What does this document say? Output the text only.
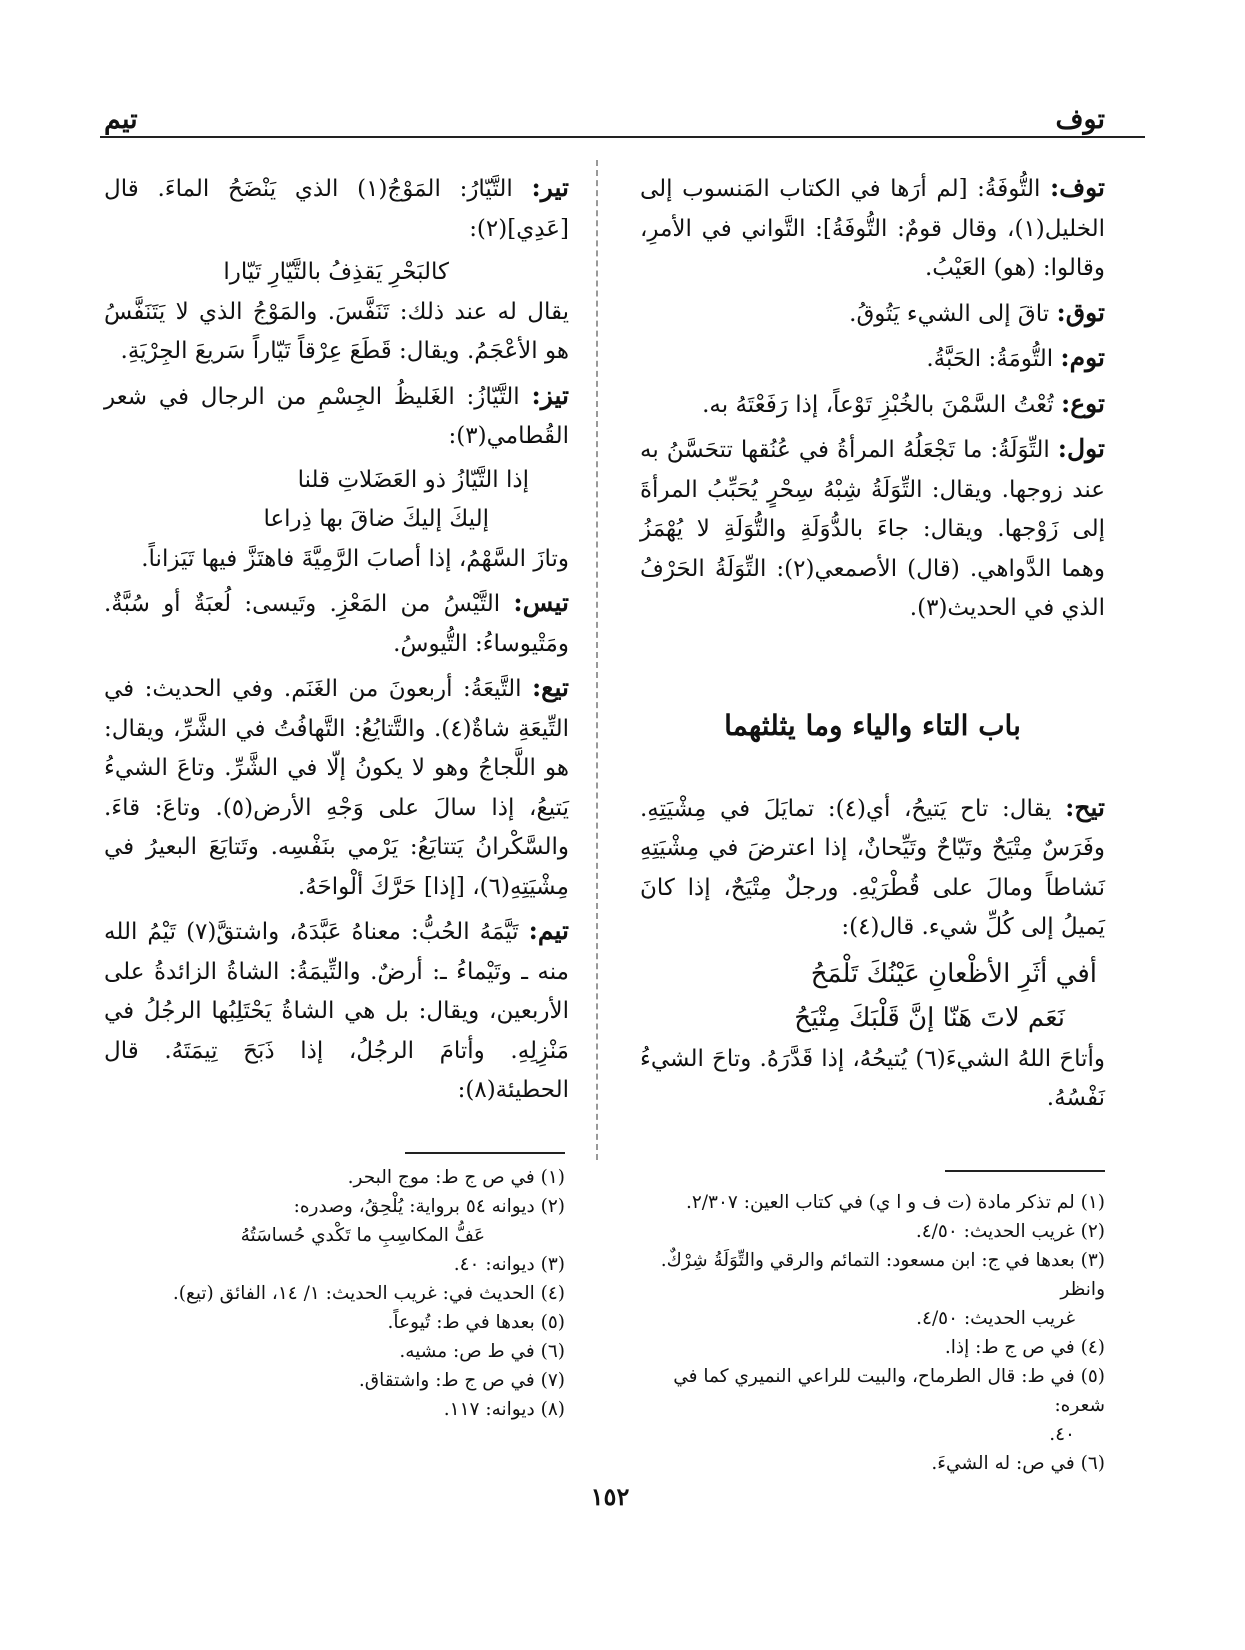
توف
تيم

توف: التُّوفَةُ: [لم أرَها في الكتاب المَنسوب إلى الخليل(١)، وقال قومٌ: التُّوفَةُ]: التَّواني في الأمرِ، وقالوا: (هو) العَيْبُ.

توق: تاقَ إلى الشيء يَتُوقُ.

توم: التُّومَةُ: الحَبَّةُ.

توع: تُعْتُ السَّمْنَ بالخُبْزِ تَوْعاً، إذا رَفَعْتَهُ به.

تول: التِّوَلَةُ: ما تَجْعَلُهُ المرأةُ في عُنُقها تتحَسَّنُ به عند زوجها. ويقال: التِّوَلَةُ شِبْهُ سِحْرٍ يُحَبِّبُ المرأةَ إلى زَوْجها. ويقال: جاءَ بالدُّوَلَةِ والتُّوَلَةِ لا يُهْمَزُ وهما الدَّواهي. (قال) الأصمعي(٢): التِّوَلَةُ الحَرْفُ الذي في الحديث(٣).

باب التاء والياء وما يثلثهما

تيح: يقال: تاح يَتيحُ، أي(٤): تمايَلَ في مِشْيَتِهِ. وفَرَسٌ مِتْيَحٌ وتَيّاحٌ وتَيِّحانٌ، إذا اعترضَ في مِشْيَتِهِ نَشاطاً ومالَ على قُطْرَيْهِ. ورجلٌ مِتْيَحٌ، إذا كانَ يَميلُ إلى كُلِّ شيء. قال(٤):

أفي أثَرِ الأظْعانِ عَيْنُكَ تَلْمَحُ
نَعَم لاتَ هَنّا إنَّ قَلْبَكَ مِتْيَحُ

وأتاحَ اللهُ الشيءَ(٦) يُتيحُهُ، إذا قَدَّرَهُ. وتاحَ الشيءُ نَفْسُهُ.

تير: التَّيّارُ: المَوْجُ(١) الذي يَنْضَحُ الماءَ. قال [عَدِي](٢):

كالبَحْرِ يَقذِفُ بالتَّيّارِ تَيّارا

يقال له عند ذلك: تَنَفَّسَ. والمَوْجُ الذي لا يَتَنَفَّسُ هو الأعْجَمُ. ويقال: قَطَعَ عِرْقاً تَيّاراً سَريعَ الجِرْيَةِ.

تيز: التَّيّازُ: الغَليظُ الجِسْمِ من الرجال في شعر القُطامي(٣):

إذا التَّيّازُ ذو العَضَلاتِ قلنا
إليكَ إليكَ ضاقَ بها ذِراعا

وتازَ السَّهْمُ، إذا أصابَ الرَّمِيَّةَ فاهتَزَّ فيها تَيَزاناً.

تيس: التَّيْسُ من المَعْزِ. وتَيسى: لُعبَةٌ أو سُبَّةٌ. ومَتْيوساءُ: التُّيوسُ.

تيع: التَّيعَةُ: أربعونَ من الغَنَم. وفي الحديث: في التِّيعَةِ شاةٌ(٤). والتَّتايُعُ: التَّهافُتُ في الشَّرِّ، ويقال: هو اللَّجاجُ وهو لا يكونُ إلّا في الشَّرِّ. وتاعَ الشيءُ يَتيعُ، إذا سالَ على وَجْهِ الأرض(٥). وتاعَ: قاءَ. والسَّكْرانُ يَتتايَعُ: يَرْمي بنَفْسِه. وتَتايَعَ البعيرُ في مِشْيَتِهِ(٦)، [إذا] حَرَّكَ ألْواحَهُ.

تيم: تَيَّمَهُ الحُبُّ: معناهُ عَبَّدَهُ، واشتقَّ(٧) تَيْمُ الله منه ـ وتَيْماءُ ـ: أرضٌ. والتِّيمَةُ: الشاةُ الزائدةُ على الأربعين، ويقال: بل هي الشاةُ يَحْتَلِبُها الرجُلُ في مَنْزِلِهِ. وأتامَ الرجُلُ، إذا ذَبَحَ تِيمَتَهُ. قال الحطيئة(٨):

(١) لم تذكر مادة (ت ف و ا ي) في كتاب العين: ٢/٣٠٧.

(٢) غريب الحديث: ٤/٥٠.

(٣) بعدها في ج: ابن مسعود: التمائم والرقي والتِّوَلَةُ شِرْكٌ. وانظر
غريب الحديث: ٤/٥٠.

(٤) في ص ج ط: إذا.

(٥) في ط: قال الطرماح، والبيت للراعي النميري كما في شعره:
٤٠.

(٦) في ص: له الشيءَ.

(١) في ص ج ط: موج البحر.

(٢) ديوانه ٥٤ برواية: يُلْحِقُ، وصدره:
عَفُّ المكاسِبِ ما تَكْدي حُساسَتُهُ

(٣) ديوانه: ٤٠.

(٤) الحديث في: غريب الحديث: ١/ ١٤، الفائق (تيع).

(٥) بعدها في ط: تُيوعاً.

(٦) في ط ص: مشيه.

(٧) في ص ج ط: واشتقاق.

(٨) ديوانه: ١١٧.

١٥٢
